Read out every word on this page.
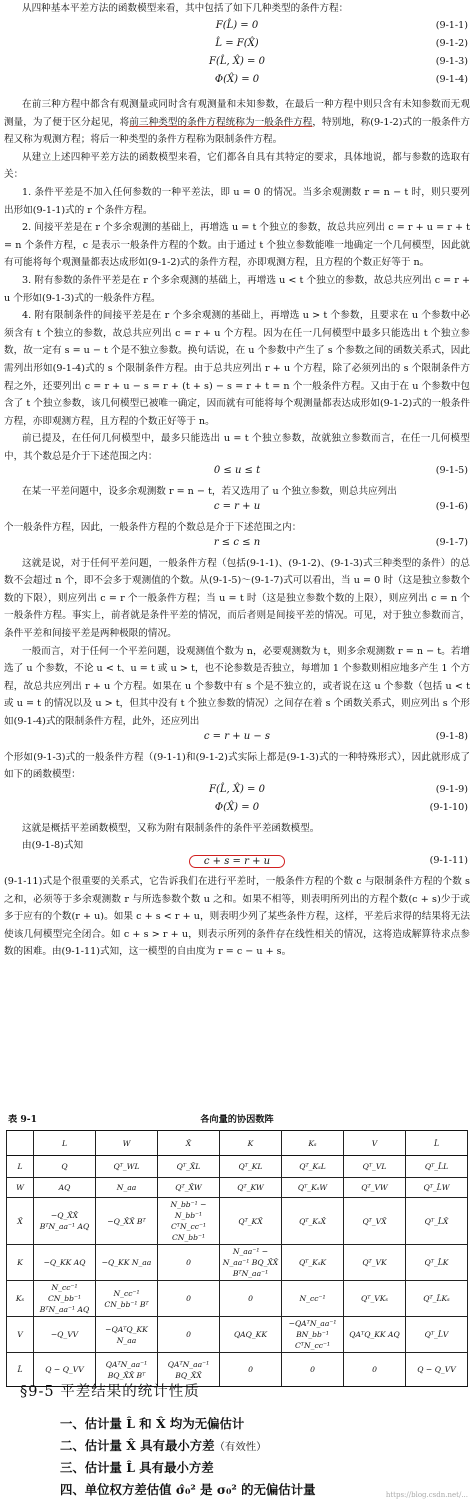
从四种基本平差方法的函数模型来看，其中包括了如下几种类型的条件方程：

F(L̂) = 0	(9-1-1)
L̂ = F(X̂)	(9-1-2)
F(L̂, X̂) = 0	(9-1-3)
Φ(X̂) = 0	(9-1-4)

在前三种方程中都含有观测量或同时含有观测量和未知参数，在最后一种方程中则只含有未知参数而无观测量，为了便于区分起见，将前三种类型的条件方程统称为一般条件方程，特别地，称(9-1-2)式的一般条件方程又称为观测方程；将后一种类型的条件方程称为限制条件方程。

从建立上述四种平差方法的函数模型来看，它们都各自具有其特定的要求，具体地说，都与参数的选取有关：

1. 条件平差是不加入任何参数的一种平差法，即 u = 0 的情况。当多余观测数 r = n − t 时，则只要列出形如(9-1-1)式的 r 个条件方程。

2. 间接平差是在 r 个多余观测的基础上，再增选 u = t 个独立的参数，故总共应列出 c = r + u = r + t = n 个条件方程，c 是表示一般条件方程的个数。由于通过 t 个独立参数能唯一地确定一个几何模型，因此就有可能将每个观测量都表达成形如(9-1-2)式的条件方程，亦即观测方程，且方程的个数正好等于 n。

3. 附有参数的条件平差是在 r 个多余观测的基础上，再增选 u < t 个独立的参数，故总共应列出 c = r + u 个形如(9-1-3)式的一般条件方程。

4. 附有限制条件的间接平差是在 r 个多余观测的基础上，再增选 u > t 个参数，且要求在 u 个参数中必须含有 t 个独立的参数，故总共应列出 c = r + u 个方程。因为在任一几何模型中最多只能选出 t 个独立参数，故一定有 s = u − t 个是不独立参数。换句话说，在 u 个参数中产生了 s 个参数之间的函数关系式，因此需列出形如(9-1-4)式的 s 个限制条件方程。由于总共应列出 r + u 个方程，除了必须列出的 s 个限制条件方程之外，还要列出 c = r + u − s = r + (t + s) − s = r + t = n 个一般条件方程。又由于在 u 个参数中包含了 t 个独立参数，该几何模型已被唯一确定，因而就有可能将每个观测量都表达成形如(9-1-2)式的一般条件方程，亦即观测方程，且方程的个数正好等于 n。

前已提及，在任何几何模型中，最多只能选出 u = t 个独立参数，故就独立参数而言，在任一几何模型中，其个数总是介于下述范围之内：

0 ≤ u ≤ t	(9-1-5)

在某一平差问题中，设多余观测数 r = n − t，若又选用了 u 个独立参数，则总共应列出

c = r + u	(9-1-6)

个一般条件方程，因此，一般条件方程的个数总是介于下述范围之内：

r ≤ c ≤ n	(9-1-7)

这就是说，对于任何平差问题，一般条件方程（包括(9-1-1)、(9-1-2)、(9-1-3)式三种类型的条件）的总数不会超过 n 个，即不会多于观测值的个数。从(9-1-5)～(9-1-7)式可以看出，当 u = 0 时（这是独立参数个数的下限），则应列出 c = r 个一般条件方程；当 u = t 时（这是独立参数个数的上限），则应列出 c = n 个一般条件方程。事实上，前者就是条件平差的情况，而后者则是间接平差的情况。可见，对于独立参数而言，条件平差和间接平差是两种极限的情况。

一般而言，对于任何一个平差问题，设观测值个数为 n，必要观测数为 t，则多余观测数 r = n − t。若增选了 u 个参数，不论 u < t、u = t 或 u > t，也不论参数是否独立，每增加 1 个参数则相应地多产生 1 个方程，故总共应列出 r + u 个方程。如果在 u 个参数中有 s 个是不独立的，或者说在这 u 个参数（包括 u < t 或 u = t 的情况以及 u > t，但其中没有 t 个独立参数的情况）之间存在着 s 个函数关系式，则应列出 s 个形如(9-1-4)式的限制条件方程，此外，还应列出

c = r + u − s	(9-1-8)

个形如(9-1-3)式的一般条件方程（(9-1-1)和(9-1-2)式实际上都是(9-1-3)式的一种特殊形式），因此就形成了如下的函数模型：

F(L̂, X̂) = 0	(9-1-9)
Φ(X̂) = 0	(9-1-10)

这就是概括平差函数模型，又称为附有限制条件的条件平差函数模型。

由(9-1-8)式知

c + s = r + u	(9-1-11)

(9-1-11)式是个很重要的关系式，它告诉我们在进行平差时，一般条件方程的个数 c 与限制条件方程的个数 s 之和，必须等于多余观测数 r 与所选参数个数 u 之和。如果不相等，则表明所列出的方程个数(c + s)少于或多于应有的个数(r + u)。如果 c + s < r + u，则表明少列了某些条件方程，这样，平差后求得的结果将无法使该几何模型完全闭合。如 c + s > r + u，则表示所列的条件存在线性相关的情况，这将造成解算待求点参数的困难。由(9-1-11)式知，这一模型的自由度为 r = c − u + s。

表 9-1	各向量的协因数阵
	L	W	X̂	K	Kₛ	V	L̂
L	Q	Qᵀ_WL	Qᵀ_X̂L	Qᵀ_KL	Qᵀ_KₛL	Qᵀ_VL	Qᵀ_L̂L
W	AQ	N_aa	Qᵀ_X̂W	Qᵀ_KW	Qᵀ_KₛW	Qᵀ_VW	Qᵀ_L̂W
X̂	−Q_X̂X̂ BᵀN_aa⁻¹ AQ	−Q_X̂X̂ Bᵀ	N_bb⁻¹ − N_bb⁻¹ CᵀN_cc⁻¹ CN_bb⁻¹	Qᵀ_KX̂	Qᵀ_KₛX̂	Qᵀ_VX̂	Qᵀ_L̂X̂
K	−Q_KK AQ	−Q_KK N_aa	0	N_aa⁻¹ − N_aa⁻¹ BQ_X̂X̂ BᵀN_aa⁻¹	Qᵀ_KₛK	Qᵀ_VK	Qᵀ_L̂K
Kₛ	N_cc⁻¹ CN_bb⁻¹ BᵀN_aa⁻¹ AQ	N_cc⁻¹ CN_bb⁻¹ Bᵀ	0	0	N_cc⁻¹	Qᵀ_VKₛ	Qᵀ_L̂Kₛ
V	−Q_VV	−QAᵀQ_KK N_aa	0	QAQ_KK	−QAᵀN_aa⁻¹ BN_bb⁻¹ CᵀN_cc⁻¹	QAᵀQ_KK AQ	Qᵀ_L̂V
L̂	Q − Q_VV	QAᵀN_aa⁻¹ BQ_X̂X̂ Bᵀ	QAᵀN_aa⁻¹ BQ_X̂X̂	0	0	0	Q − Q_VV
§9-5 平差结果的统计性质
一、估计量 L̂ 和 X̂ 均为无偏估计
二、估计量 X̂ 具有最小方差（有效性）
三、估计量 L̂ 具有最小方差
四、单位权方差估值 σ̂₀² 是 σ₀² 的无偏估计量	https://blog.csdn.net/...
